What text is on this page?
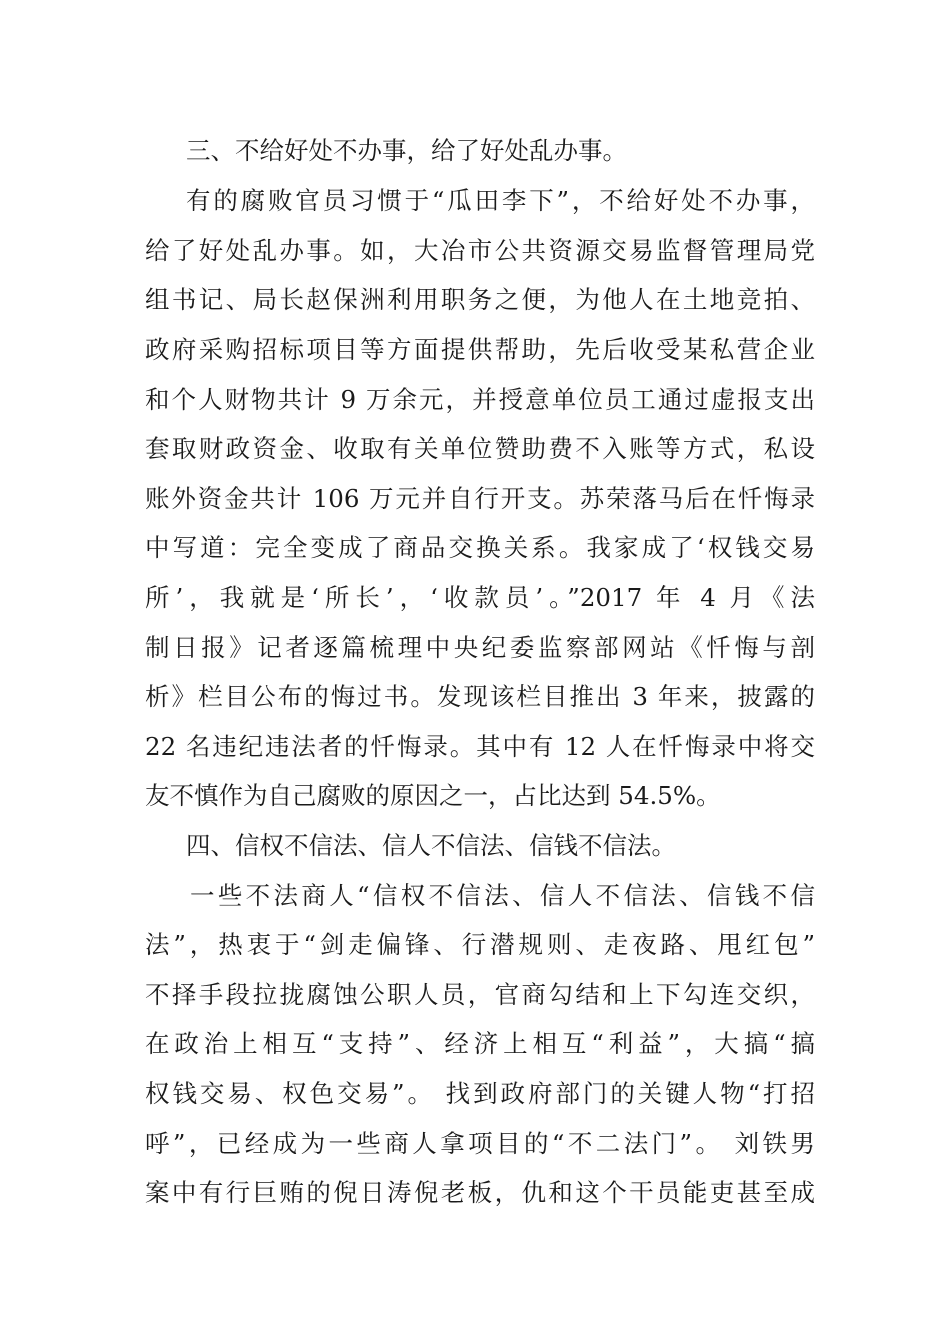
三、不给好处不办事，给了好处乱办事。
有的腐败官员习惯于“瓜田李下”，不给好处不办事，
给了好处乱办事。如，大冶市公共资源交易监督管理局党
组书记、局长赵保洲利用职务之便，为他人在土地竞拍、
政府采购招标项目等方面提供帮助，先后收受某私营企业
和个人财物共计 9 万余元，并授意单位员工通过虚报支出
套取财政资金、收取有关单位赞助费不入账等方式，私设
账外资金共计 106 万元并自行开支。苏荣落马后在忏悔录
中写道：完全变成了商品交换关系。我家成了‘权钱交易
所’，我就是‘所长’，‘收款员’。”2017 年 4 月《法
制日报》记者逐篇梳理中央纪委监察部网站《忏悔与剖
析》栏目公布的悔过书。发现该栏目推出 3 年来，披露的
22 名违纪违法者的忏悔录。其中有 12 人在忏悔录中将交
友不慎作为自己腐败的原因之一，占比达到 54.5%。
四、信权不信法、信人不信法、信钱不信法。
一些不法商人“信权不信法、信人不信法、信钱不信
法”，热衷于“剑走偏锋、行潜规则、走夜路、甩红包”
不择手段拉拢腐蚀公职人员，官商勾结和上下勾连交织，
在政治上相互“支持”、经济上相互“利益”，大搞“搞
权钱交易、权色交易”。 找到政府部门的关键人物“打招
呼”，已经成为一些商人拿项目的“不二法门”。 刘铁男
案中有行巨贿的倪日涛倪老板，仇和这个干员能吏甚至成
